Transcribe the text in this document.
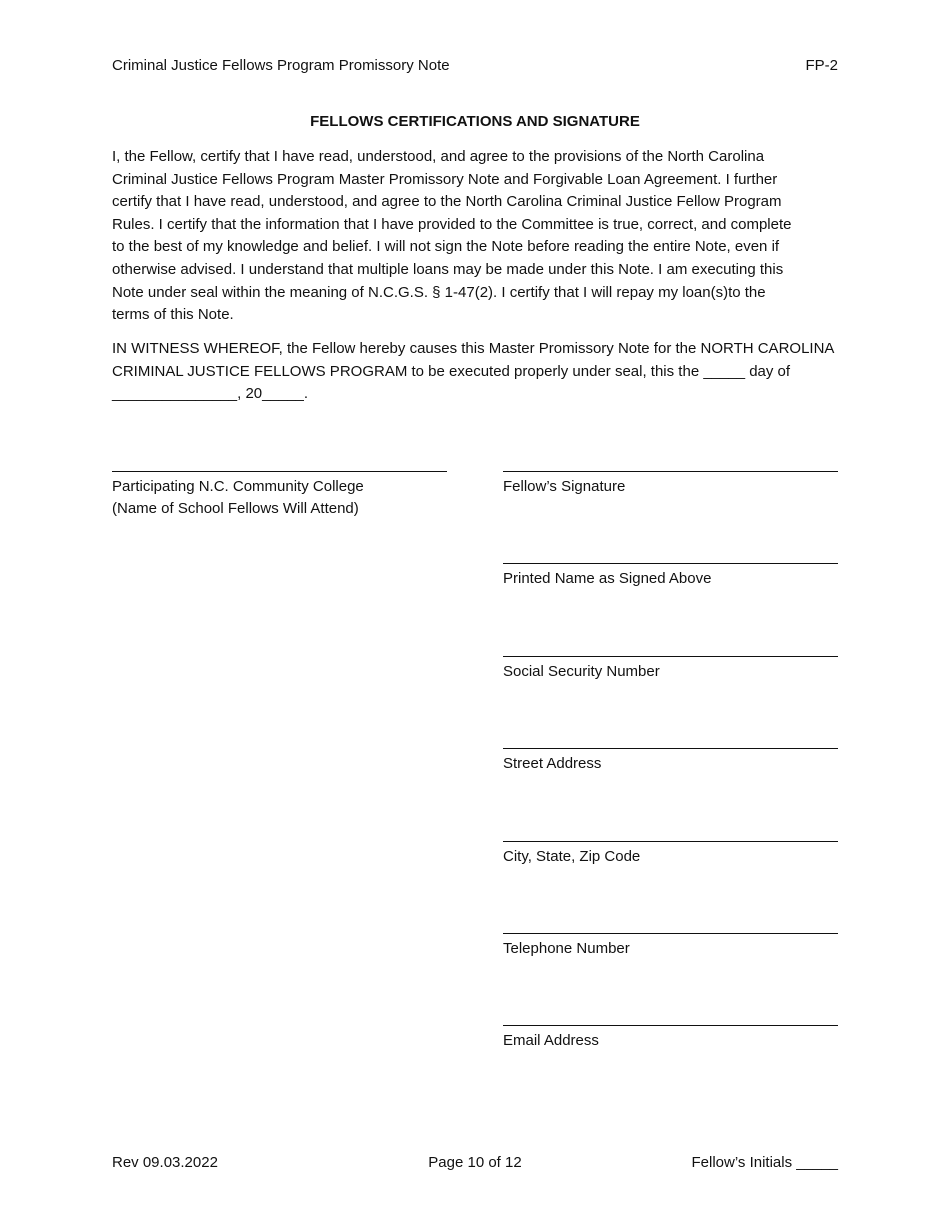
Criminal Justice Fellows Program Promissory Note	FP-2
FELLOWS CERTIFICATIONS AND SIGNATURE
I, the Fellow, certify that I have read, understood, and agree to the provisions of the North Carolina
Criminal Justice Fellows Program Master Promissory Note and Forgivable Loan Agreement. I further
certify that I have read, understood, and agree to the North Carolina Criminal Justice Fellow Program
Rules. I certify that the information that I have provided to the Committee is true, correct, and complete
to the best of my knowledge and belief. I will not sign the Note before reading the entire Note, even if
otherwise advised. I understand that multiple loans may be made under this Note. I am executing this
Note under seal within the meaning of N.C.G.S. § 1-47(2). I certify that I will repay my loan(s)to the
terms of this Note.
IN WITNESS WHEREOF, the Fellow hereby causes this Master Promissory Note for the NORTH CAROLINA
CRIMINAL JUSTICE FELLOWS PROGRAM to be executed properly under seal, this the _____ day of
_______________, 20_____.
Participating N.C. Community College
(Name of School Fellows Will Attend)
Fellow’s Signature
Printed Name as Signed Above
Social Security Number
Street Address
City, State, Zip Code
Telephone Number
Email Address
Page 10 of 12
Rev 09.03.2022	Fellow’s Initials _____
